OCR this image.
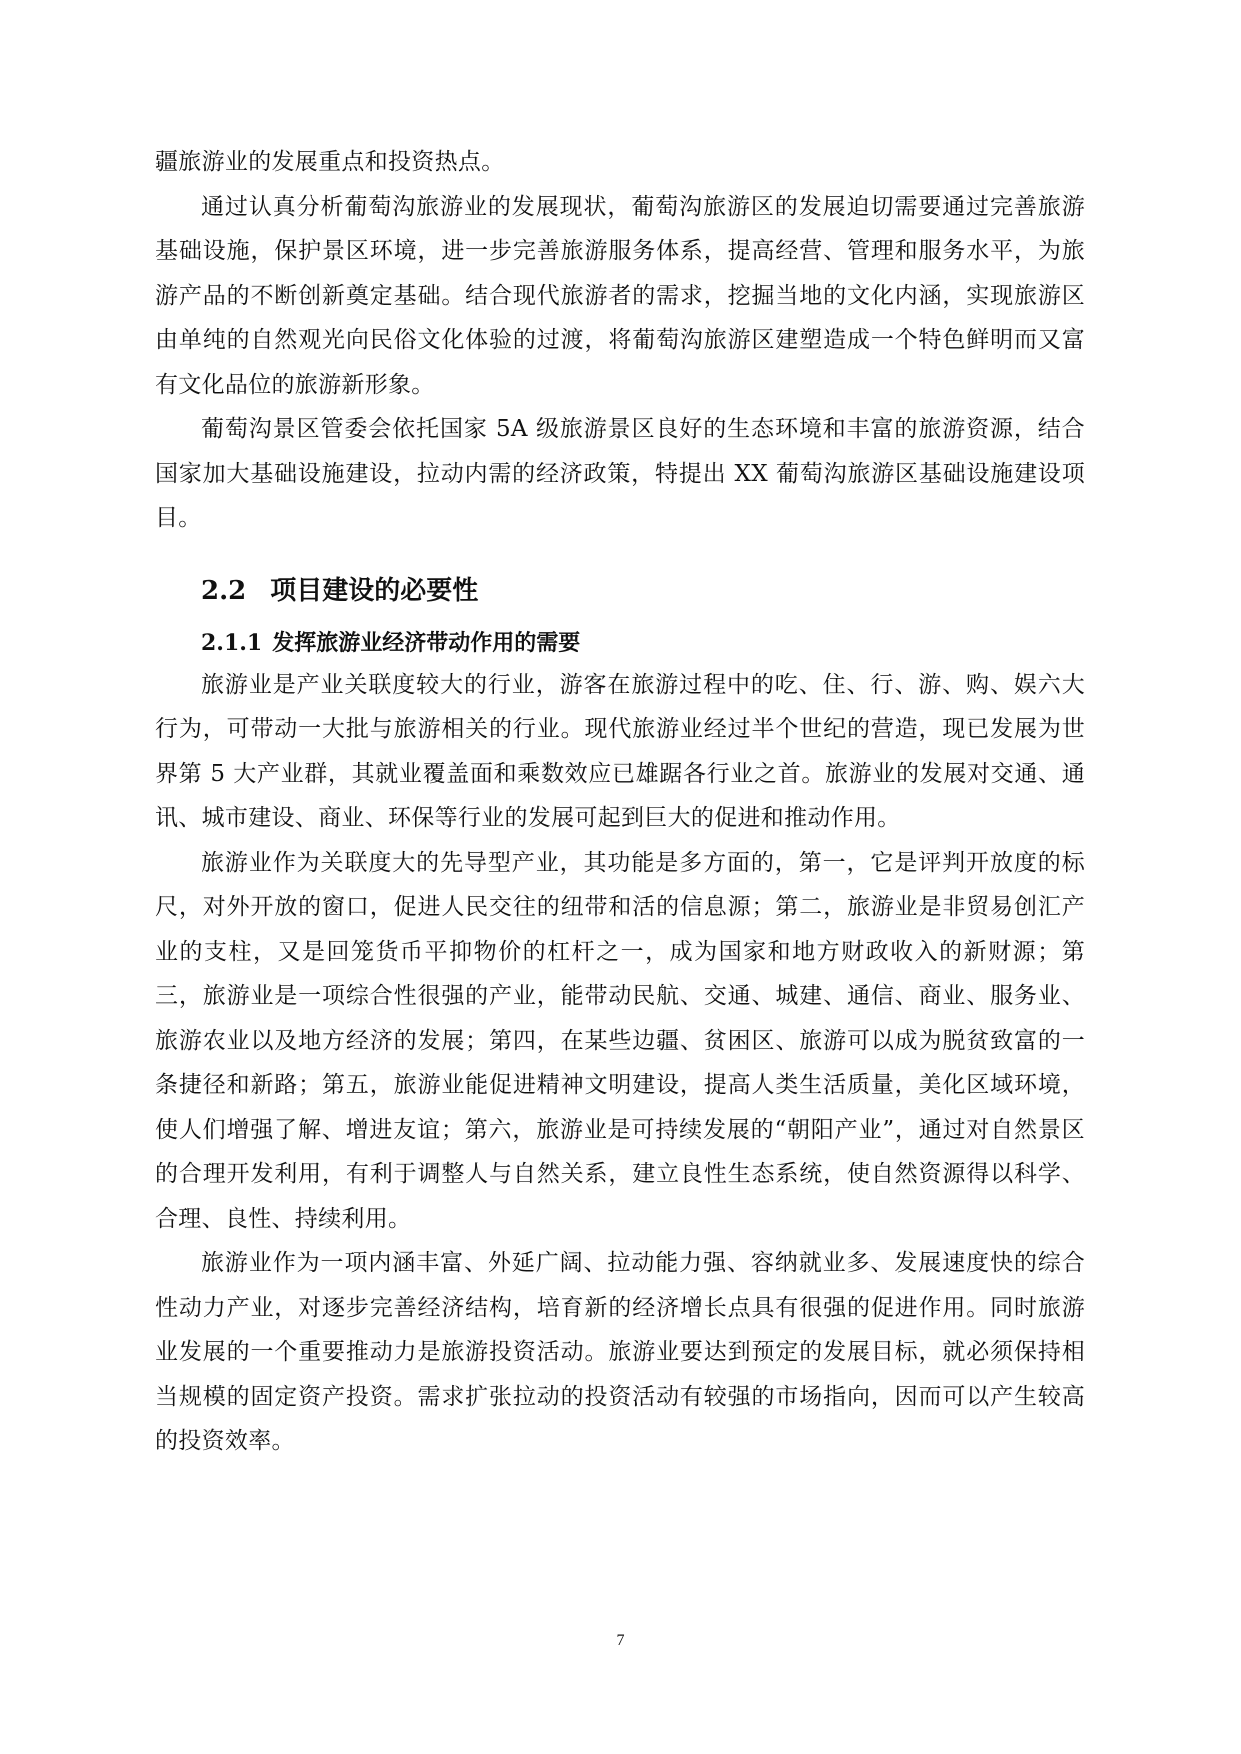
疆旅游业的发展重点和投资热点。

通过认真分析葡萄沟旅游业的发展现状，葡萄沟旅游区的发展迫切需要通过完善旅游基础设施，保护景区环境，进一步完善旅游服务体系，提高经营、管理和服务水平，为旅游产品的不断创新奠定基础。结合现代旅游者的需求，挖掘当地的文化内涵，实现旅游区由单纯的自然观光向民俗文化体验的过渡，将葡萄沟旅游区建塑造成一个特色鲜明而又富有文化品位的旅游新形象。

葡萄沟景区管委会依托国家 5A 级旅游景区良好的生态环境和丰富的旅游资源，结合国家加大基础设施建设，拉动内需的经济政策，特提出 XX 葡萄沟旅游区基础设施建设项目。

2.2 项目建设的必要性
2.1.1 发挥旅游业经济带动作用的需要

旅游业是产业关联度较大的行业，游客在旅游过程中的吃、住、行、游、购、娱六大行为，可带动一大批与旅游相关的行业。现代旅游业经过半个世纪的营造，现已发展为世界第 5 大产业群，其就业覆盖面和乘数效应已雄踞各行业之首。旅游业的发展对交通、通讯、城市建设、商业、环保等行业的发展可起到巨大的促进和推动作用。

旅游业作为关联度大的先导型产业，其功能是多方面的，第一，它是评判开放度的标尺，对外开放的窗口，促进人民交往的纽带和活的信息源；第二，旅游业是非贸易创汇产业的支柱，又是回笼货币平抑物价的杠杆之一，成为国家和地方财政收入的新财源；第三，旅游业是一项综合性很强的产业，能带动民航、交通、城建、通信、商业、服务业、旅游农业以及地方经济的发展；第四，在某些边疆、贫困区、旅游可以成为脱贫致富的一条捷径和新路；第五，旅游业能促进精神文明建设，提高人类生活质量，美化区域环境，使人们增强了解、增进友谊；第六，旅游业是可持续发展的“朝阳产业”，通过对自然景区的合理开发利用，有利于调整人与自然关系，建立良性生态系统，使自然资源得以科学、合理、良性、持续利用。

旅游业作为一项内涵丰富、外延广阔、拉动能力强、容纳就业多、发展速度快的综合性动力产业，对逐步完善经济结构，培育新的经济增长点具有很强的促进作用。同时旅游业发展的一个重要推动力是旅游投资活动。旅游业要达到预定的发展目标，就必须保持相当规模的固定资产投资。需求扩张拉动的投资活动有较强的市场指向，因而可以产生较高的投资效率。

7
